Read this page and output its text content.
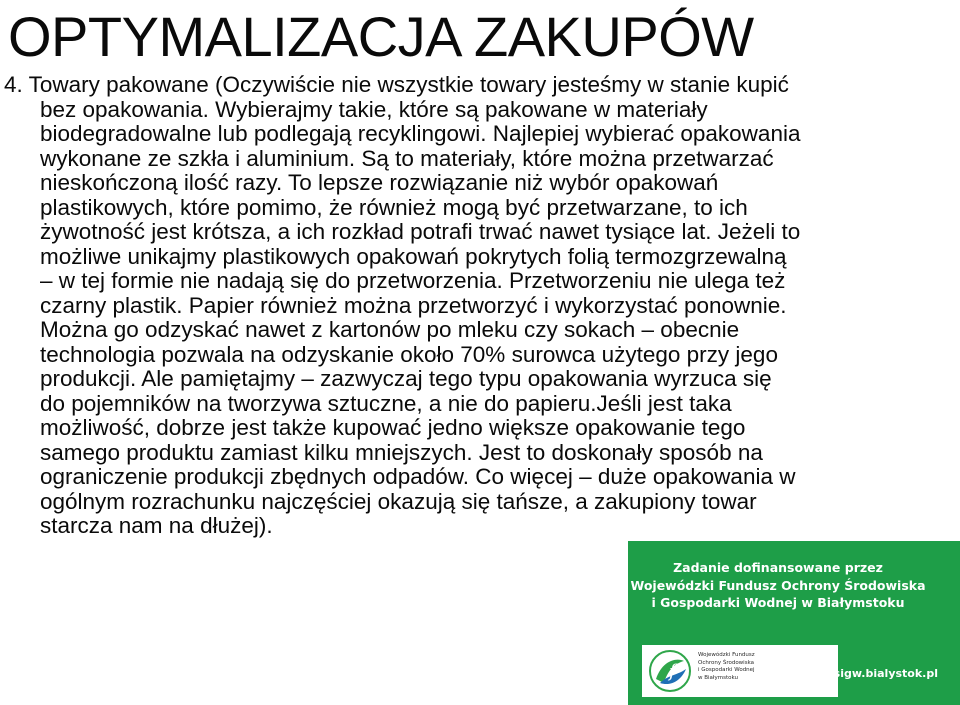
OPTYMALIZACJA ZAKUPÓW
4. Towary pakowane (Oczywiście nie wszystkie towary jesteśmy w stanie kupić
bez opakowania. Wybierajmy takie, które są pakowane w materiały
biodegradowalne lub podlegają recyklingowi. Najlepiej wybierać opakowania
wykonane ze szkła i aluminium. Są to materiały, które można przetwarzać
nieskończoną ilość razy. To lepsze rozwiązanie niż wybór opakowań
plastikowych, które pomimo, że również mogą być przetwarzane, to ich
żywotność jest krótsza, a ich rozkład potrafi trwać nawet tysiące lat. Jeżeli to
możliwe unikajmy plastikowych opakowań pokrytych folią termozgrzewalną
– w tej formie nie nadają się do przetworzenia. Przetworzeniu nie ulega też
czarny plastik. Papier również można przetworzyć i wykorzystać ponownie.
Można go odzyskać nawet z kartonów po mleku czy sokach – obecnie
technologia pozwala na odzyskanie około 70% surowca użytego przy jego
produkcji. Ale pamiętajmy – zazwyczaj tego typu opakowania wyrzuca się
do pojemników na tworzywa sztuczne, a nie do papieru.Jeśli jest taka
możliwość, dobrze jest także kupować jedno większe opakowanie tego
samego produktu zamiast kilku mniejszych. Jest to doskonały sposób na
ograniczenie produkcji zbędnych odpadów. Co więcej – duże opakowania w
ogólnym rozrachunku najczęściej okazują się tańsze, a zakupiony towar
starcza nam na dłużej).
Zadanie dofinansowane przez
Wojewódzki Fundusz Ochrony Środowiska
i Gospodarki Wodnej w Białymstoku
f
Wojewódzki Fundusz
Ochrony Środowiska
i Gospodarki Wodnej
w Białymstoku	www.wfosigw.bialystok.pl
